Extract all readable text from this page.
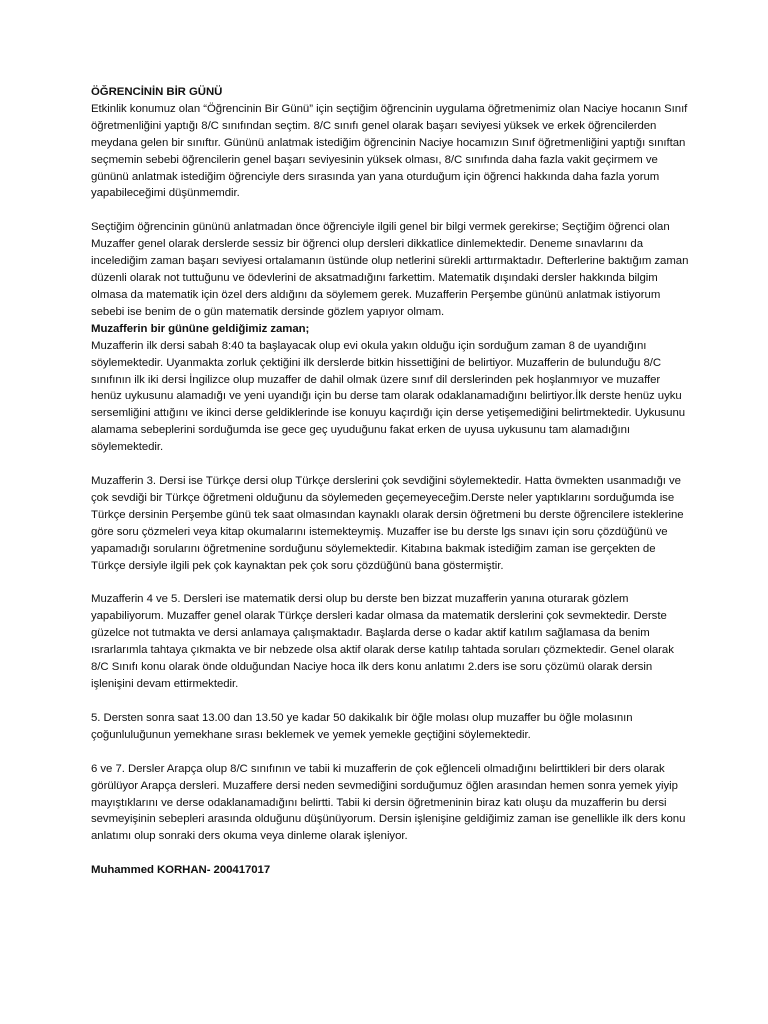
ÖĞRENCİNİN BİR GÜNÜ

Etkinlik konumuz olan “Öğrencinin Bir Günü” için seçtiğim öğrencinin uygulama öğretmenimiz olan Naciye hocanın Sınıf öğretmenliğini yaptığı 8/C sınıfından seçtim. 8/C sınıfı genel olarak başarı seviyesi yüksek ve erkek öğrencilerden meydana gelen bir sınıftır. Gününü anlatmak istediğim öğrencinin Naciye hocamızın Sınıf öğretmenliğini yaptığı sınıftan seçmemin sebebi öğrencilerin genel başarı seviyesinin yüksek olması, 8/C sınıfında daha fazla vakit geçirmem ve gününü anlatmak istediğim öğrenciyle ders sırasında yan yana oturduğum için öğrenci hakkında daha fazla yorum yapabileceğimi düşünmemdir.

Seçtiğim öğrencinin gününü anlatmadan önce öğrenciyle ilgili genel bir bilgi vermek gerekirse; Seçtiğim öğrenci olan Muzaffer genel olarak derslerde sessiz bir öğrenci olup dersleri dikkatlice dinlemektedir. Deneme sınavlarını da incelediğim zaman başarı seviyesi ortalamanın üstünde olup netlerini sürekli arttırmaktadır. Defterlerine baktığım zaman düzenli olarak not tuttuğunu ve ödevlerini de aksatmadığını farkettim. Matematik dışındaki dersler hakkında bilgim olmasa da matematik için özel ders aldığını da söylemem gerek. Muzafferin Perşembe gününü anlatmak istiyorum sebebi ise benim de o gün matematik dersinde gözlem yapıyor olmam.

Muzafferin bir gününe geldiğimiz zaman;

Muzafferin ilk dersi sabah 8:40 ta başlayacak olup evi okula yakın olduğu için sorduğum zaman 8 de uyandığını söylemektedir. Uyanmakta zorluk çektiğini ilk derslerde bitkin hissettiğini de belirtiyor. Muzafferin de bulunduğu 8/C sınıfının ilk iki dersi İngilizce olup muzaffer de dahil olmak üzere sınıf dil derslerinden pek hoşlanmıyor ve muzaffer henüz uykusunu alamadığı ve yeni uyandığı için bu derse tam olarak odaklanamadığını belirtiyor.İlk derste henüz uyku sersemliğini attığını ve ikinci derse geldiklerinde ise konuyu kaçırdığı için derse yetişemediğini belirtmektedir. Uykusunu alamama sebeplerini sorduğumda ise gece geç uyuduğunu fakat erken de uyusa uykusunu tam alamadığını söylemektedir.

Muzafferin 3. Dersi ise Türkçe dersi olup Türkçe derslerini çok sevdiğini söylemektedir. Hatta övmekten usanmadığı ve çok sevdiği bir Türkçe öğretmeni olduğunu da söylemeden geçemeyeceğim.Derste neler yaptıklarını sorduğumda ise Türkçe dersinin Perşembe günü tek saat olmasından kaynaklı olarak dersin öğretmeni bu derste öğrencilere isteklerine göre soru çözmeleri veya kitap okumalarını istemekteymiş. Muzaffer ise bu derste lgs sınavı için soru çözdüğünü ve yapamadığı sorularını öğretmenine sorduğunu söylemektedir. Kitabına bakmak istediğim zaman ise gerçekten de Türkçe dersiyle ilgili pek çok kaynaktan pek çok soru çözdüğünü bana göstermiştir.

Muzafferin 4 ve 5. Dersleri ise matematik dersi olup bu derste ben bizzat muzafferin yanına oturarak gözlem yapabiliyorum. Muzaffer genel olarak Türkçe dersleri kadar olmasa da matematik derslerini çok sevmektedir. Derste güzelce not tutmakta ve dersi anlamaya çalışmaktadır. Başlarda derse o kadar aktif katılım sağlamasa da benim ısrarlarımla tahtaya çıkmakta ve bir nebzede olsa aktif olarak derse katılıp tahtada soruları çözmektedir. Genel olarak 8/C Sınıfı konu olarak önde olduğundan Naciye hoca ilk ders konu anlatımı 2.ders ise soru çözümü olarak dersin işlenişini devam ettirmektedir.

5. Dersten sonra saat 13.00 dan 13.50 ye kadar 50 dakikalık bir öğle molası olup muzaffer bu öğle molasının çoğunluluğunun yemekhane sırası beklemek ve yemek yemekle geçtiğini söylemektedir.

6 ve 7. Dersler Arapça olup 8/C sınıfının ve tabii ki muzafferin de çok eğlenceli olmadığını belirttikleri bir ders olarak görülüyor Arapça dersleri. Muzaffere dersi neden sevmediğini sorduğumuz öğlen arasından hemen sonra yemek yiyip mayıştıklarını ve derse odaklanamadığını belirtti. Tabii ki dersin öğretmeninin biraz katı oluşu da muzafferin bu dersi sevmeyişinin sebepleri arasında olduğunu düşünüyorum. Dersin işlenişine geldiğimiz zaman ise genellikle ilk ders konu anlatımı olup sonraki ders okuma veya dinleme olarak işleniyor.

Muhammed KORHAN- 200417017
